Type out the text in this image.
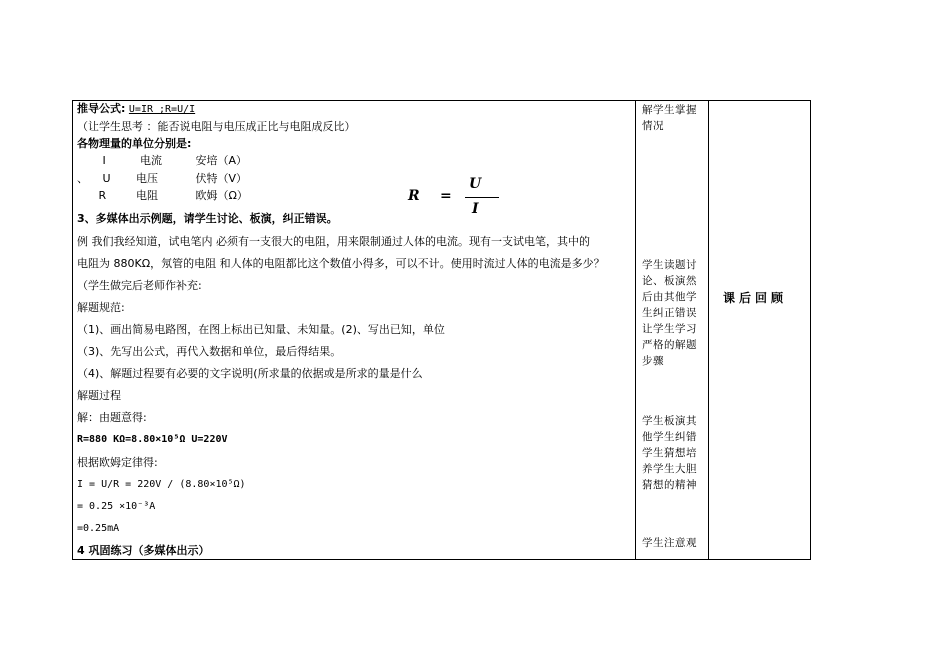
推导公式: U=IR ;R=U/I
（让学生思考 ：能否说电阻与电压成正比与电阻成反比）
各物理量的单位分别是:
I	电流	安培（A）
、 U 电压	伏特（V）
R	电阻	欧姆（Ω）	R =
U
I
3、多媒体出示例题，请学生讨论、板演，纠正错误。
例 我们我经知道，试电笔内 必须有一支很大的电阻，用来限制通过人体的电流。现有一支试电笔，其中的
电阻为 880KΩ，氖管的电阻 和人体的电阻都比这个数值小得多，可以不计。使用时流过人体的电流是多少？
（学生做完后老师作补充:
解题规范:
（1)、画出简易电路图，在图上标出已知量、未知量。(2)、写出已知，单位
（3)、先写出公式，再代入数据和单位，最后得结果。
（4)、解题过程要有必要的文字说明(所求量的依据或是所求的量是什么
解题过程
解：由题意得:
R=880 KΩ=8.80×10⁵Ω U=220V
根据欧姆定律得:
I = U/R = 220V / (8.80×10⁵Ω)
= 0.25 ×10⁻³A
=0.25mA
4 巩固练习（多媒体出示）
解学生掌握情况
学生读题讨论、板演然后由其他学生纠正错误让学生学习严格的解题步骤
学生板演其他学生纠错学生猜想培养学生大胆猜想的精神
学生注意观
课后回顾
